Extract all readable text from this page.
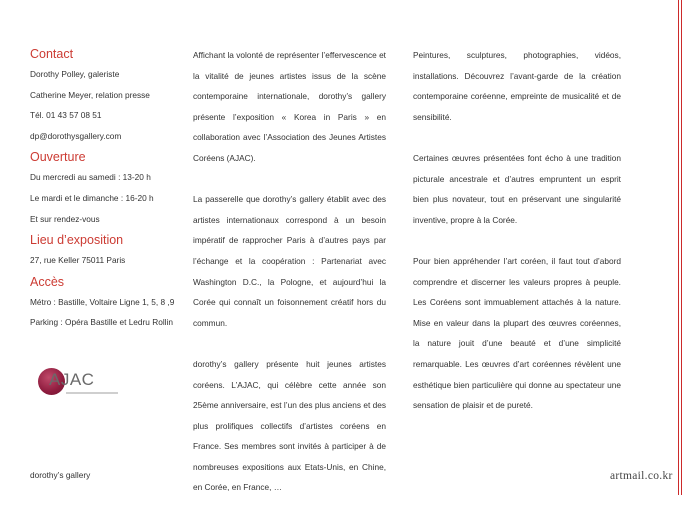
Contact
Dorothy Polley, galeriste
Catherine Meyer, relation presse
Tél. 01 43 57 08 51
dp@dorothysgallery.com
Ouverture
Du mercredi au samedi : 13-20 h
Le mardi et le dimanche : 16-20 h
Et sur rendez-vous
Lieu d’exposition
27, rue Keller 75011 Paris
Accès
Métro : Bastille, Voltaire Ligne 1, 5, 8 ,9
Parking : Opéra Bastille et Ledru Rollin
AJAC

Affichant la volonté de représenter l’effervescence et la vitalité de jeunes artistes issus de la scène contemporaine internationale, dorothy’s gallery présente l’exposition « Korea in Paris » en collaboration avec l’Association des Jeunes Artistes Coréens (AJAC).

La passerelle que dorothy’s gallery établit avec des artistes internationaux correspond à un besoin impératif de rapprocher Paris à d’autres pays par l’échange et la coopération : Partenariat avec Washington D.C., la Pologne, et aujourd’hui la Corée qui connaît un foisonnement créatif hors du commun.

dorothy’s gallery présente huit jeunes artistes coréens. L’AJAC, qui célèbre cette année son 25ème anniversaire, est l’un des plus anciens et des plus prolifiques collectifs d’artistes coréens en France. Ses membres sont invités à participer à de nombreuses expositions aux Etats-Unis, en Chine, en Corée, en France, …

Peintures, sculptures, photographies, vidéos, installations. Découvrez l’avant-garde de la création contemporaine coréenne, empreinte de musicalité et de sensibilité.

Certaines œuvres présentées font écho à une tradition picturale ancestrale et d’autres empruntent un esprit bien plus novateur, tout en préservant une singularité inventive, propre à la Corée.

Pour bien appréhender l’art coréen, il faut tout d’abord comprendre et discerner les valeurs propres à peuple. Les Coréens sont immuablement attachés à la nature. Mise en valeur dans la plupart des œuvres coréennes, la nature jouit d’une beauté et d’une simplicité remarquable. Les œuvres d’art coréennes révèlent une esthétique bien particulière qui donne au spectateur une sensation de plaisir et de pureté.

dorothy’s gallery	artmail.co.kr
